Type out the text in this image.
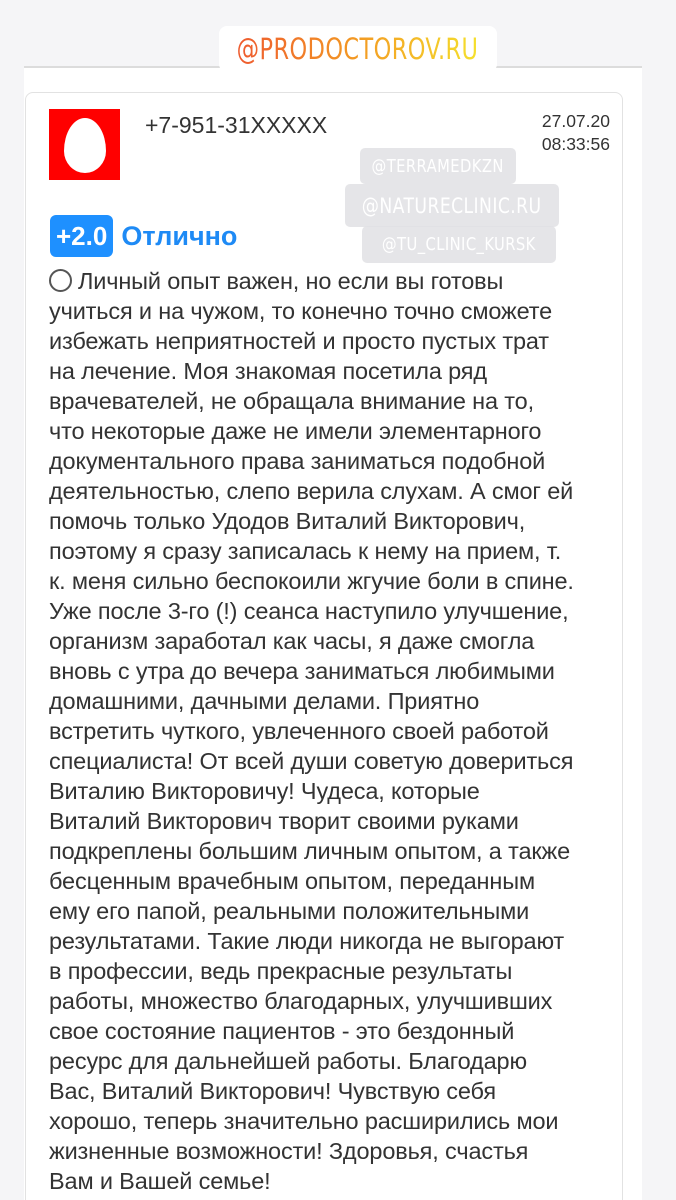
@PRODOCTOROV.RU
+7-951-31XXXXX	27.07.20
08:33:56
+2.0 Отлично
Личный опыт важен, но если вы готовы
учиться и на чужом, то конечно точно сможете
избежать неприятностей и просто пустых трат
на лечение. Моя знакомая посетила ряд
врачевателей, не обращала внимание на то,
что некоторые даже не имели элементарного
документального права заниматься подобной
деятельностью, слепо верила слухам. А смог ей
помочь только Удодов Виталий Викторович,
поэтому я сразу записалась к нему на прием, т.
к. меня сильно беспокоили жгучие боли в спине.
Уже после 3-го (!) сеанса наступило улучшение,
организм заработал как часы, я даже смогла
вновь с утра до вечера заниматься любимыми
домашними, дачными делами. Приятно
встретить чуткого, увлеченного своей работой
специалиста! От всей души советую довериться
Виталию Викторовичу! Чудеса, которые
Виталий Викторович творит своими руками
подкреплены большим личным опытом, а также
бесценным врачебным опытом, переданным
ему его папой, реальными положительными
результатами. Такие люди никогда не выгорают
в профессии, ведь прекрасные результаты
работы, множество благодарных, улучшивших
свое состояние пациентов - это бездонный
ресурс для дальнейшей работы. Благодарю
Вас, Виталий Викторович! Чувствую себя
хорошо, теперь значительно расширились мои
жизненные возможности! Здоровья, счастья
Вам и Вашей семье!
@TERRAMEDKZN
@NATURECLINIC.RU
@TU_CLINIC_KURSK
